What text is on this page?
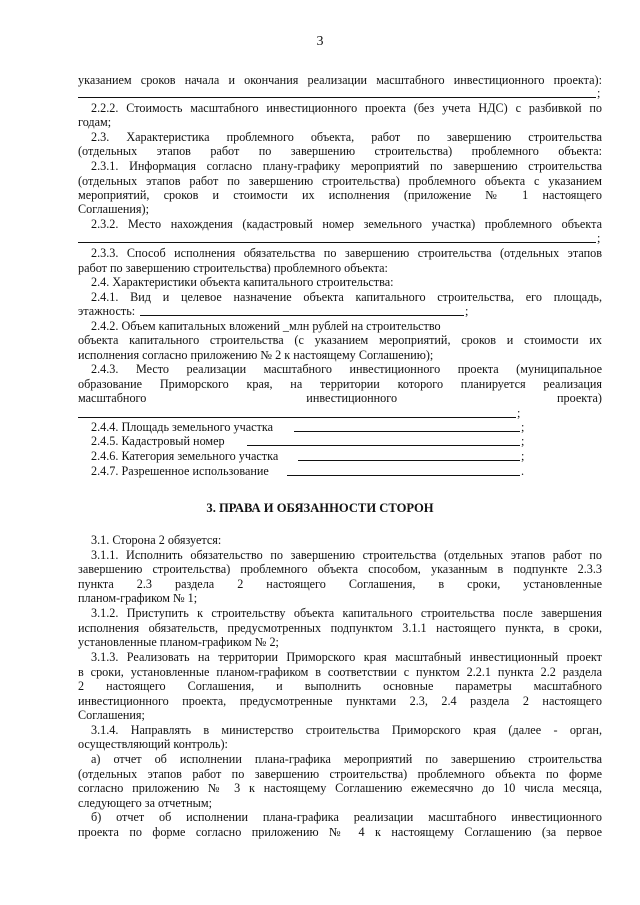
3
указанием сроков начала и окончания реализации масштабного инвестиционного проекта):
;
2.2.2. Стоимость масштабного инвестиционного проекта (без учета НДС) с разбивкой по
годам;
2.3. Характеристика проблемного объекта, работ по завершению строительства
(отдельных этапов работ по завершению строительства) проблемного объекта:
2.3.1. Информация согласно плану-графику мероприятий по завершению строительства
(отдельных этапов работ по завершению строительства) проблемного объекта с указанием
мероприятий, сроков и стоимости их исполнения (приложение № 1 настоящего
Соглашения);
2.3.2. Место нахождения (кадастровый номер земельного участка) проблемного объекта
;
2.3.3. Способ исполнения обязательства по завершению строительства (отдельных этапов
работ по завершению строительства) проблемного объекта:
2.4. Характеристики объекта капитального строительства:
2.4.1. Вид и целевое назначение объекта капитального строительства, его площадь,
этажность:	;
2.4.2. Объем капитальных вложений _млн рублей на строительство
объекта капитального строительства (с указанием мероприятий, сроков и стоимости их
исполнения согласно приложению № 2 к настоящему Соглашению);
2.4.3. Место реализации масштабного инвестиционного проекта (муниципальное
образование Приморского края, на территории которого планируется реализация
масштабного инвестиционного проекта)
;
2.4.4. Площадь земельного участка	;
2.4.5. Кадастровый номер	;
2.4.6. Категория земельного участка	;
2.4.7. Разрешенное использование	.
3. ПРАВА И ОБЯЗАННОСТИ СТОРОН
3.1. Сторона 2 обязуется:
3.1.1. Исполнить обязательство по завершению строительства (отдельных этапов работ по
завершению строительства) проблемного объекта способом, указанным в подпункте 2.3.3
пункта 2.3 раздела 2 настоящего Соглашения, в сроки, установленные
планом-графиком № 1;
3.1.2. Приступить к строительству объекта капитального строительства после завершения
исполнения обязательств, предусмотренных подпунктом 3.1.1 настоящего пункта, в сроки,
установленные планом-графиком № 2;
3.1.3. Реализовать на территории Приморского края масштабный инвестиционный проект
в сроки, установленные планом-графиком в соответствии с пунктом 2.2.1 пункта 2.2 раздела
2 настоящего Соглашения, и выполнить основные параметры масштабного
инвестиционного проекта, предусмотренные пунктами 2.3, 2.4 раздела 2 настоящего
Соглашения;
3.1.4. Направлять в министерство строительства Приморского края (далее - орган,
осуществляющий контроль):
а) отчет об исполнении плана-графика мероприятий по завершению строительства
(отдельных этапов работ по завершению строительства) проблемного объекта по форме
согласно приложению № 3 к настоящему Соглашению ежемесячно до 10 числа месяца,
следующего за отчетным;
б) отчет об исполнении плана-графика реализации масштабного инвестиционного
проекта по форме согласно приложению № 4 к настоящему Соглашению (за первое
